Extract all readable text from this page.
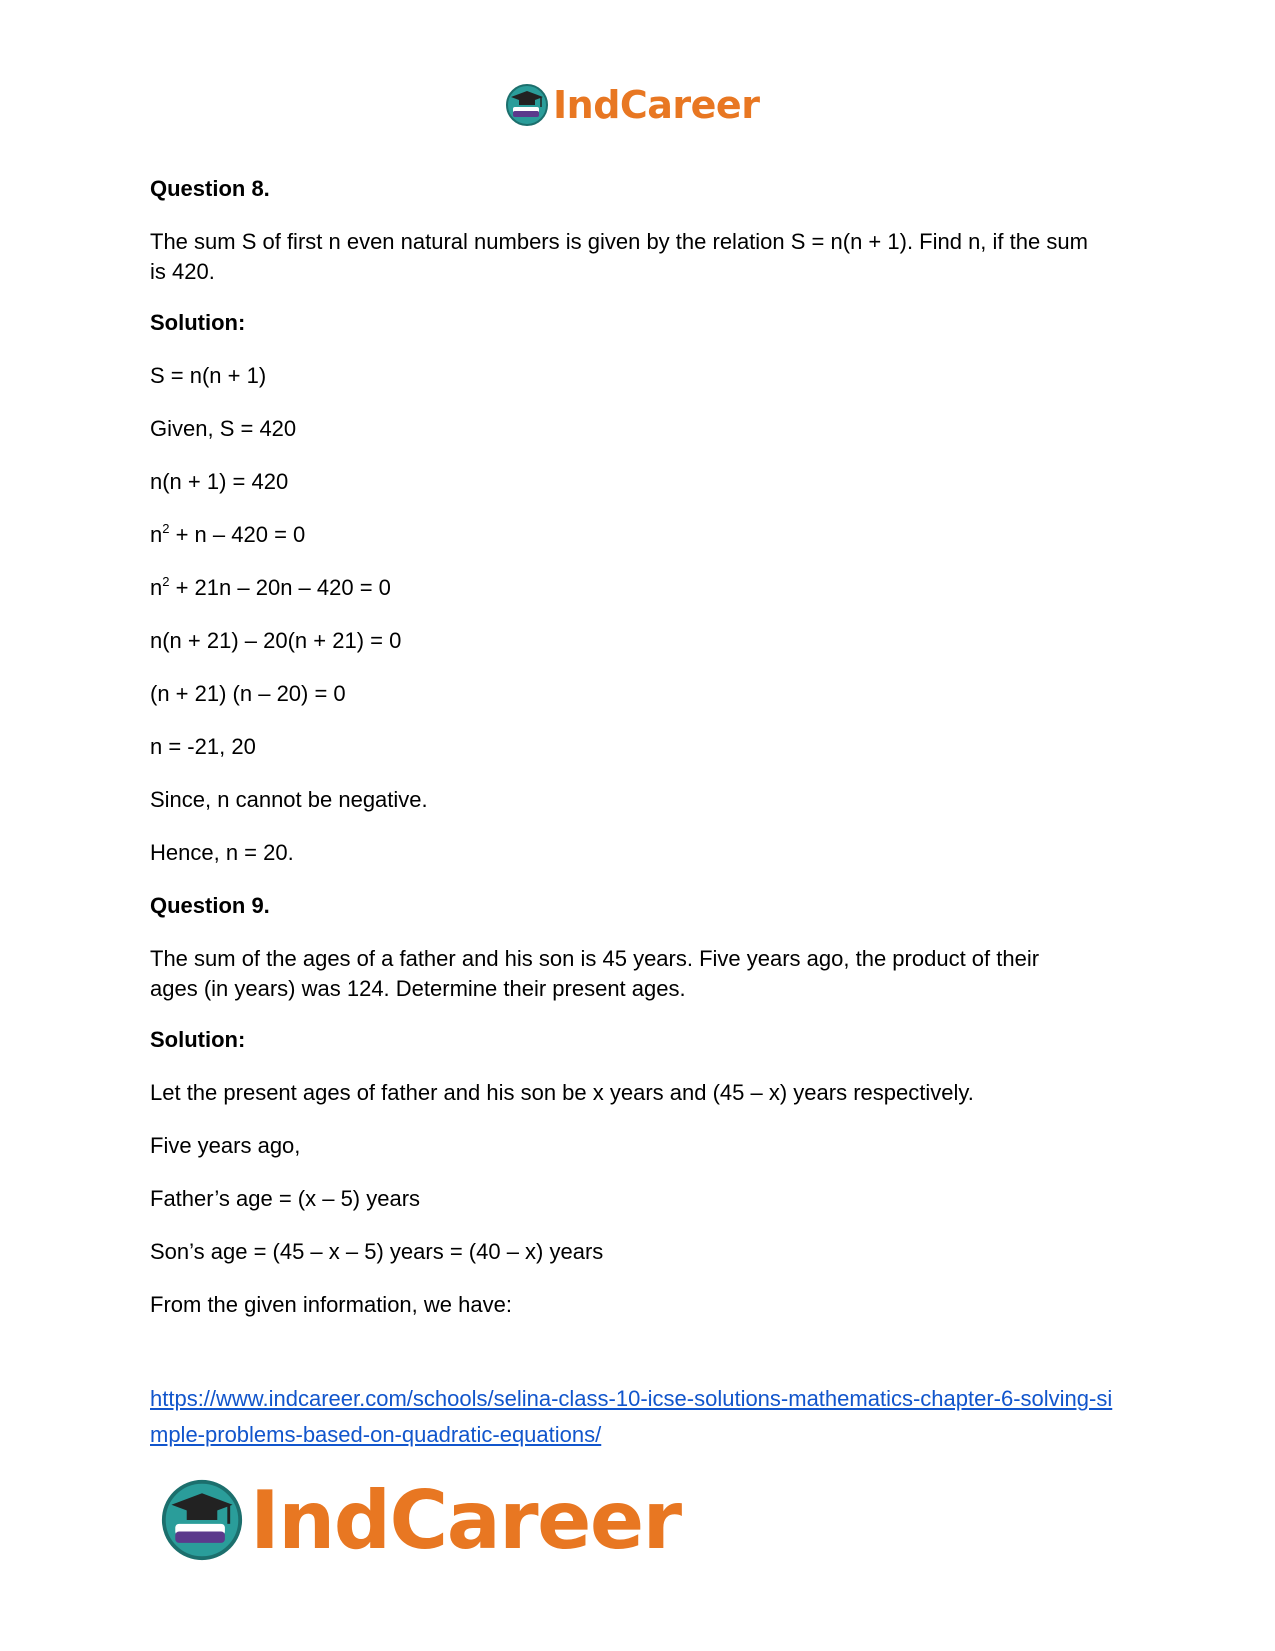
IndCareer
Question 8.
The sum S of first n even natural numbers is given by the relation S = n(n + 1). Find n, if the sum is 420.
Solution:
S = n(n + 1)
Given, S = 420
n(n + 1) = 420
$n^2 + n - 420 = 0$
$n^2 + 21n - 20n - 420 = 0$
n(n + 21) – 20(n + 21) = 0
(n + 21) (n – 20) = 0
n = -21, 20
Since, n cannot be negative.
Hence, n = 20.
Question 9.
The sum of the ages of a father and his son is 45 years. Five years ago, the product of their ages (in years) was 124. Determine their present ages.
Solution:
Let the present ages of father and his son be x years and (45 – x) years respectively.
Five years ago,
Father’s age = (x – 5) years
Son’s age = (45 – x – 5) years = (40 – x) years
From the given information, we have:
https://www.indcareer.com/schools/selina-class-10-icse-solutions-mathematics-chapter-6-solving-simple-problems-based-on-quadratic-equations/
IndCareer
